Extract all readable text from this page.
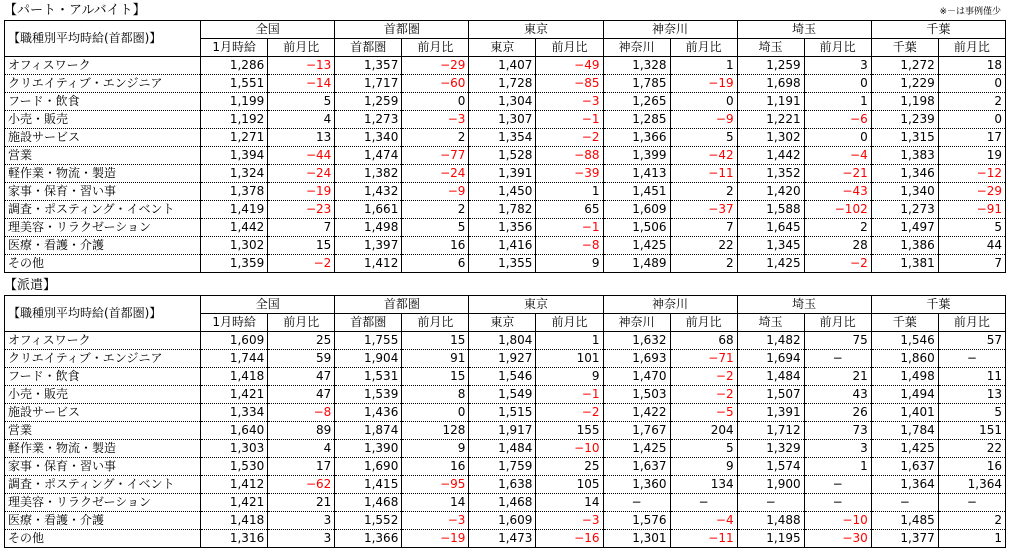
【パート・アルバイト】	※－は事例僅少
【職種別平均時給(首都圏)】	全国		首都圏		東京		神奈川		埼玉		千葉	
	1月時給	前月比	首都圏	前月比	東京	前月比	神奈川	前月比	埼玉	前月比	千葉	前月比
オフィスワーク	1,286	−13	1,357	−29	1,407	−49	1,328	1	1,259	3	1,272	18
クリエイティブ・エンジニア	1,551	−14	1,717	−60	1,728	−85	1,785	−19	1,698	0	1,229	0
フード・飲食	1,199	5	1,259	0	1,304	−3	1,265	0	1,191	1	1,198	2
小売・販売	1,192	4	1,273	−3	1,307	−1	1,285	−9	1,221	−6	1,239	0
施設サービス	1,271	13	1,340	2	1,354	−2	1,366	5	1,302	0	1,315	17
営業	1,394	−44	1,474	−77	1,528	−88	1,399	−42	1,442	−4	1,383	19
軽作業・物流・製造	1,324	−24	1,382	−24	1,391	−39	1,413	−11	1,352	−21	1,346	−12
家事・保育・習い事	1,378	−19	1,432	−9	1,450	1	1,451	2	1,420	−43	1,340	−29
調査・ポスティング・イベント	1,419	−23	1,661	2	1,782	65	1,609	−37	1,588	−102	1,273	−91
理美容・リラクゼーション	1,442	7	1,498	5	1,356	−1	1,506	7	1,645	2	1,497	5
医療・看護・介護	1,302	15	1,397	16	1,416	−8	1,425	22	1,345	28	1,386	44
その他	1,359	−2	1,412	6	1,355	9	1,489	2	1,425	−2	1,381	7
【派遣】
【職種別平均時給(首都圏)】	全国		首都圏		東京		神奈川		埼玉		千葉	
	1月時給	前月比	首都圏	前月比	東京	前月比	神奈川	前月比	埼玉	前月比	千葉	前月比
オフィスワーク	1,609	25	1,755	15	1,804	1	1,632	68	1,482	75	1,546	57
クリエイティブ・エンジニア	1,744	59	1,904	91	1,927	101	1,693	−71	1,694	−	1,860	−
フード・飲食	1,418	47	1,531	15	1,546	9	1,470	−2	1,484	21	1,498	11
小売・販売	1,421	47	1,539	8	1,549	−1	1,503	−2	1,507	43	1,494	13
施設サービス	1,334	−8	1,436	0	1,515	−2	1,422	−5	1,391	26	1,401	5
営業	1,640	89	1,874	128	1,917	155	1,767	204	1,712	73	1,784	151
軽作業・物流・製造	1,303	4	1,390	9	1,484	−10	1,425	5	1,329	3	1,425	22
家事・保育・習い事	1,530	17	1,690	16	1,759	25	1,637	9	1,574	1	1,637	16
調査・ポスティング・イベント	1,412	−62	1,415	−95	1,638	105	1,360	134	1,900	−	1,364	1,364
理美容・リラクゼーション	1,421	21	1,468	14	1,468	14	−	−	−	−	−	−
医療・看護・介護	1,418	3	1,552	−3	1,609	−3	1,576	−4	1,488	−10	1,485	2
その他	1,316	3	1,366	−19	1,473	−16	1,301	−11	1,195	−30	1,377	1
